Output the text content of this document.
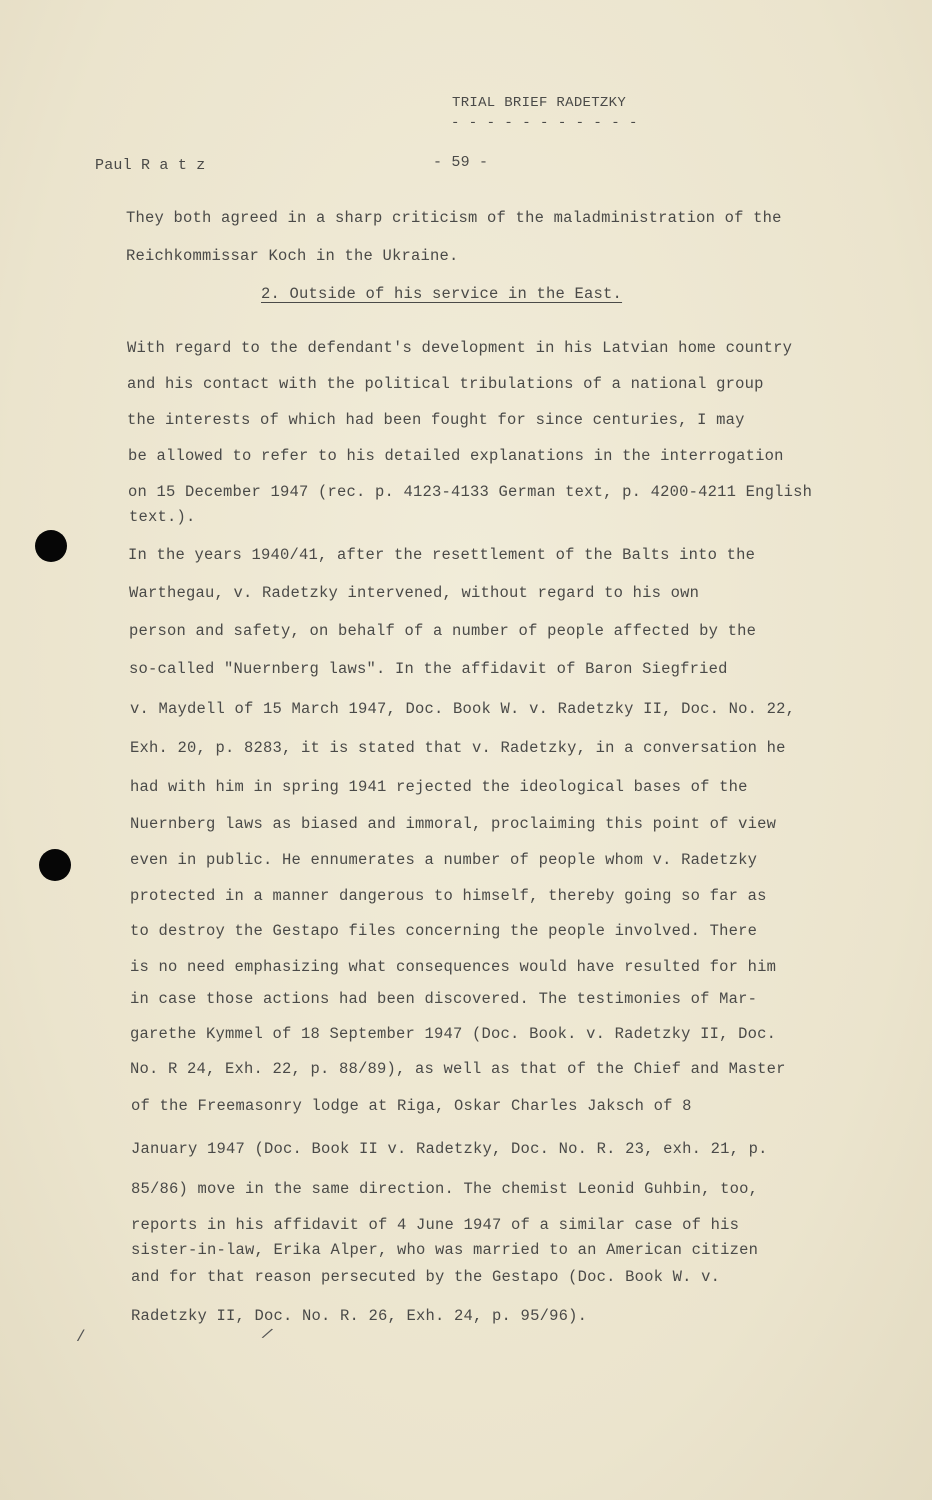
TRIAL BRIEF RADETZKY
- - - - - - - - - - -
Paul R a t z	- 59 -
They both agreed in a sharp criticism of the maladministration of the
Reichkommissar Koch in the Ukraine.
2. Outside of his service in the East.
With regard to the defendant's development in his Latvian home country
and his contact with the political tribulations of a national group
the interests of which had been fought for since centuries, I may
be allowed to refer to his detailed explanations in the interrogation
on 15 December 1947 (rec. p. 4123-4133 German text, p. 4200-4211 English
text.).
In the years 1940/41, after the resettlement of the Balts into the
Warthegau, v. Radetzky intervened, without regard to his own
person and safety, on behalf of a number of people affected by the
so-called "Nuernberg laws". In the affidavit of Baron Siegfried
v. Maydell of 15 March 1947, Doc. Book W. v. Radetzky II, Doc. No. 22,
Exh. 20, p. 8283, it is stated that v. Radetzky, in a conversation he
had with him in spring 1941 rejected the ideological bases of the
Nuernberg laws as biased and immoral, proclaiming this point of view
even in public. He ennumerates a number of people whom v. Radetzky
protected in a manner dangerous to himself, thereby going so far as
to destroy the Gestapo files concerning the people involved. There
is no need emphasizing what consequences would have resulted for him
in case those actions had been discovered. The testimonies of Mar-
garethe Kymmel of 18 September 1947 (Doc. Book. v. Radetzky II, Doc.
No. R 24, Exh. 22, p. 88/89), as well as that of the Chief and Master
of the Freemasonry lodge at Riga, Oskar Charles Jaksch of 8
January 1947 (Doc. Book II v. Radetzky, Doc. No. R. 23, exh. 21, p.
85/86) move in the same direction. The chemist Leonid Guhbin, too,
reports in his affidavit of 4 June 1947 of a similar case of his
sister-in-law, Erika Alper, who was married to an American citizen
and for that reason persecuted by the Gestapo (Doc. Book W. v.
Radetzky II, Doc. No. R. 26, Exh. 24, p. 95/96).
/	/
